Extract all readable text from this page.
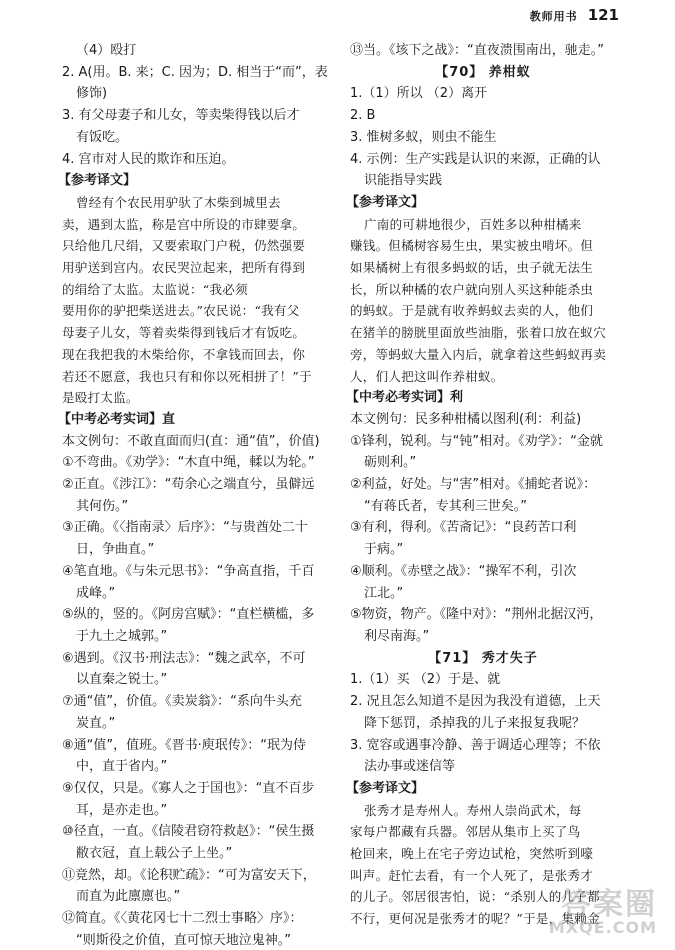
教师用书 121
（4）殴打
2. A(用。B. 来；C. 因为；D. 相当于“而”，表
修饰)
3. 有父母妻子和儿女，等卖柴得钱以后才
有饭吃。
4. 宫市对人民的欺诈和压迫。
【参考译文】
曾经有个农民用驴驮了木柴到城里去
卖，遇到太监，称是宫中所设的市肆要拿。
只给他几尺绢，又要索取门户税，仍然强要
用驴送到宫内。农民哭泣起来，把所有得到
的绢给了太监。太监说：“我必须
要用你的驴把柴送进去。”农民说：“我有父
母妻子儿女，等着卖柴得到钱后才有饭吃。
现在我把我的木柴给你，不拿钱而回去，你
若还不愿意，我也只有和你以死相拼了！”于
是殴打太监。
【中考必考实词】直
本文例句：不敢直面而归(直：通“值”，价值)
①不弯曲。《劝学》：“木直中绳，輮以为轮。”
②正直。《涉江》：“苟余心之端直兮，虽僻远
其何伤。”
③正确。《〈指南录〉后序》：“与贵酋处二十
日，争曲直。”
④笔直地。《与朱元思书》：“争高直指，千百
成峰。”
⑤纵的，竖的。《阿房宫赋》：“直栏横槛，多
于九土之城郭。”
⑥遇到。《汉书·刑法志》：“魏之武卒，不可
以直秦之锐士。”
⑦通“值”，价值。《卖炭翁》：“系向牛头充
炭直。”
⑧通“值”，值班。《晋书·庾珉传》：“珉为侍
中，直于省内。”
⑨仅仅，只是。《寡人之于国也》：“直不百步
耳，是亦走也。”
⑩径直，一直。《信陵君窃符救赵》：“侯生摄
敝衣冠，直上载公子上坐。”
⑪竟然，却。《论积贮疏》：“可为富安天下，
而直为此廪廪也。”
⑫简直。《〈黄花冈七十二烈士事略〉序》：
“则斯役之价值，直可惊天地泣鬼神。”
⑬当。《垓下之战》：“直夜溃围南出，驰走。”
【70】 养柑蚁
1.（1）所以 （2）离开
2. B
3. 惟树多蚁，则虫不能生
4. 示例：生产实践是认识的来源，正确的认
识能指导实践
【参考译文】
广南的可耕地很少，百姓多以种柑橘来
赚钱。但橘树容易生虫，果实被虫啃坏。但
如果橘树上有很多蚂蚁的话，虫子就无法生
长，所以种橘的农户就向别人买这种能杀虫
的蚂蚁。于是就有收养蚂蚁去卖的人，他们
在猪羊的膀胱里面放些油脂，张着口放在蚁穴
旁，等蚂蚁大量入内后，就拿着这些蚂蚁再卖
人，们人把这叫作养柑蚁。
【中考必考实词】利
本文例句：民多种柑橘以图利(利：利益)
①锋利，锐利。与“钝”相对。《劝学》：“金就
砺则利。”
②利益，好处。与“害”相对。《捕蛇者说》：
“有蒋氏者，专其利三世矣。”
③有利，得利。《苦斋记》：“良药苦口利
于病。”
④顺利。《赤壁之战》：“操军不利，引次
江北。”
⑤物资，物产。《隆中对》：“荆州北据汉沔，
利尽南海。”
【71】 秀才失子
1.（1）买 （2）于是、就
2. 况且怎么知道不是因为我没有道德，上天
降下惩罚，杀掉我的儿子来报复我呢？
3. 宽容或遇事冷静、善于调适心理等；不依
法办事或迷信等
【参考译文】
张秀才是寿州人。寿州人崇尚武术，每
家每户都藏有兵器。邻居从集市上买了鸟
枪回来，晚上在宅子旁边试枪，突然听到嚎
叫声。赶忙去看，有一个人死了，是张秀才
的儿子。邻居很害怕，说：“杀别人的儿子都
不行，更何况是张秀才的呢？”于是，集赖金
答案圈
MXQE.COM
